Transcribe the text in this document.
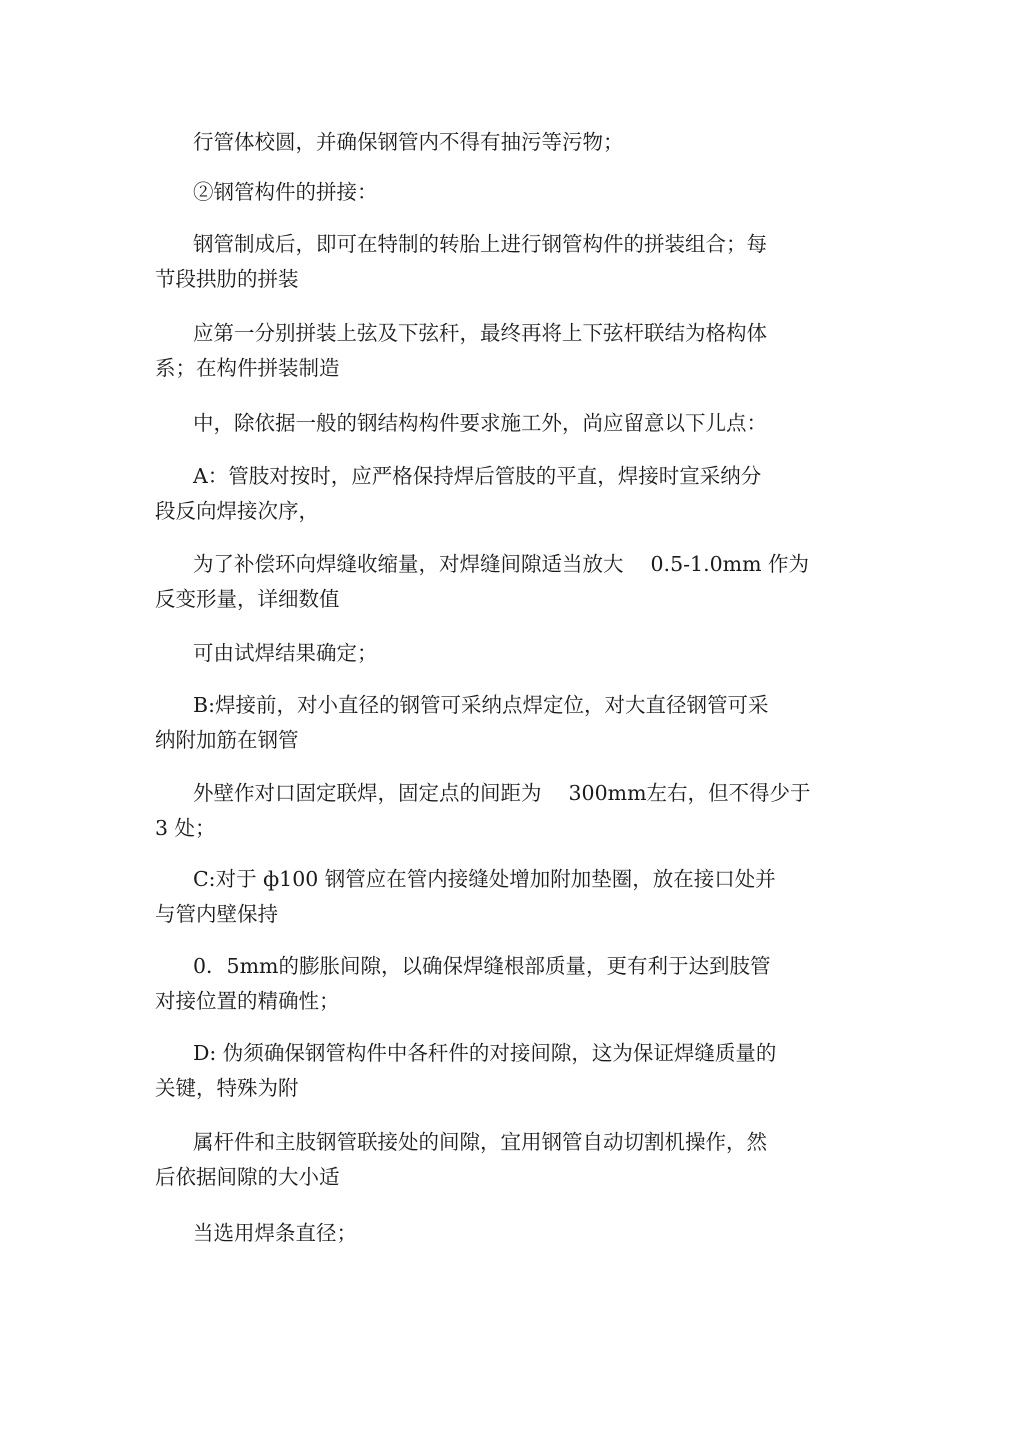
行管体校圆，并确保钢管内不得有抽污等污物；
②钢管构件的拼接：
钢管制成后，即可在特制的转胎上进行钢管构件的拼装组合；每
节段拱肋的拼装
应第一分别拼装上弦及下弦秆，最终再将上下弦杆联结为格构体
系；在构件拼装制造
中，除依据一般的钢结构构件要求施工外，尚应留意以下儿点：
A：管肢对按时，应严格保持焊后管肢的平直，焊接时宣采纳分
段反向焊接次序，
为了补偿环向焊缝收缩量，对焊缝间隙适当放大　 0.5-1.0mm 作为
反变形量，详细数值
可由试焊结果确定；
B:焊接前，对小直径的钢管可采纳点焊定位，对大直径钢管可采
纳附加筋在钢管
外壁作对口固定联焊，固定点的间距为　 300mm左右，但不得少于
3 处；
C:对于 ф100 钢管应在管内接缝处增加附加垫圈，放在接口处并
与管内壁保持
0．5mm的膨胀间隙，以确保焊缝根部质量，更有利于达到肢管
对接位置的精确性；
D: 伪须确保钢管构件中各秆件的对接间隙，这为保证焊缝质量的
关键，特殊为附
属杆件和主肢钢管联接处的间隙，宜用钢管自动切割机操作，然
后依据间隙的大小适
当选用焊条直径；
